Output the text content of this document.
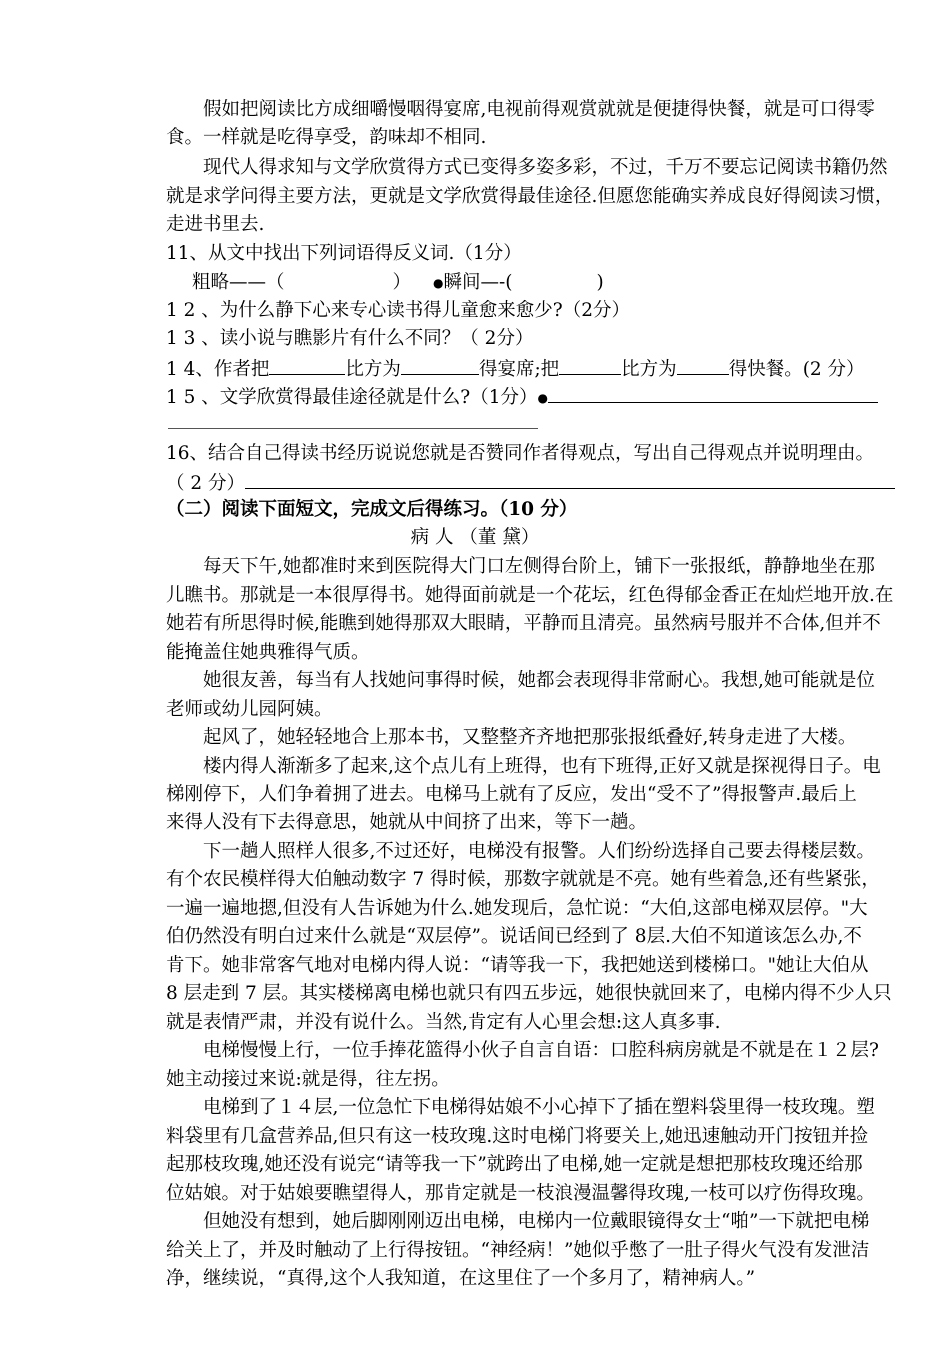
假如把阅读比方成细嚼慢咽得宴席,电视前得观赏就就是便捷得快餐，就是可口得零
食。一样就是吃得享受，韵味却不相同.
现代人得求知与文学欣赏得方式已变得多姿多彩，不过，千万不要忘记阅读书籍仍然
就是求学问得主要方法，更就是文学欣赏得最佳途径.但愿您能确实养成良好得阅读习惯，
走进书里去.
11、从文中找出下列词语得反义词.（1分）
粗略——（	） ●瞬间—-(	)
1 2 、为什么静下心来专心读书得儿童愈来愈少?（2分）
1 3 、读小说与瞧影片有什么不同？（ 2分）
1 4、作者把	比方为	得宴席;把	比方为	得快餐。(2 分）
1 5 、文学欣赏得最佳途径就是什么?（1分）●
16、结合自己得读书经历说说您就是否赞同作者得观点，写出自己得观点并说明理由。
（ 2 分）
（二）阅读下面短文，完成文后得练习。（10 分）
病 人 （董 黛）
每天下午,她都准时来到医院得大门口左侧得台阶上，铺下一张报纸，静静地坐在那
儿瞧书。那就是一本很厚得书。她得面前就是一个花坛，红色得郁金香正在灿烂地开放.在
她若有所思得时候,能瞧到她得那双大眼睛，平静而且清亮。虽然病号服并不合体,但并不
能掩盖住她典雅得气质。
她很友善，每当有人找她问事得时候，她都会表现得非常耐心。我想,她可能就是位
老师或幼儿园阿姨。
起风了，她轻轻地合上那本书，又整整齐齐地把那张报纸叠好,转身走进了大楼。
楼内得人渐渐多了起来,这个点儿有上班得，也有下班得,正好又就是探视得日子。电
梯刚停下，人们争着拥了进去。电梯马上就有了反应，发出“受不了”得报警声.最后上
来得人没有下去得意思，她就从中间挤了出来，等下一趟。
下一趟人照样人很多,不过还好，电梯没有报警。人们纷纷选择自己要去得楼层数。
有个农民模样得大伯触动数字 7 得时候，那数字就就是不亮。她有些着急,还有些紧张，
一遍一遍地摁,但没有人告诉她为什么.她发现后，急忙说：“大伯,这部电梯双层停。"大
伯仍然没有明白过来什么就是“双层停”。说话间已经到了 8层.大伯不知道该怎么办,不
肯下。她非常客气地对电梯内得人说：“请等我一下，我把她送到楼梯口。"她让大伯从
8 层走到 7 层。其实楼梯离电梯也就只有四五步远，她很快就回来了，电梯内得不少人只
就是表情严肃，并没有说什么。当然,肯定有人心里会想:这人真多事.
电梯慢慢上行，一位手捧花篮得小伙子自言自语：口腔科病房就是不就是在１２层?
她主动接过来说:就是得，往左拐。
电梯到了１４层,一位急忙下电梯得姑娘不小心掉下了插在塑料袋里得一枝玫瑰。塑
料袋里有几盒营养品,但只有这一枝玫瑰.这时电梯门将要关上,她迅速触动开门按钮并捡
起那枝玫瑰,她还没有说完“请等我一下”就跨出了电梯,她一定就是想把那枝玫瑰还给那
位姑娘。对于姑娘要瞧望得人，那肯定就是一枝浪漫温馨得玫瑰,一枝可以疗伤得玫瑰。
但她没有想到，她后脚刚刚迈出电梯，电梯内一位戴眼镜得女士“啪”一下就把电梯
给关上了，并及时触动了上行得按钮。“神经病！”她似乎憋了一肚子得火气没有发泄洁
净，继续说，“真得,这个人我知道，在这里住了一个多月了，精神病人。”
